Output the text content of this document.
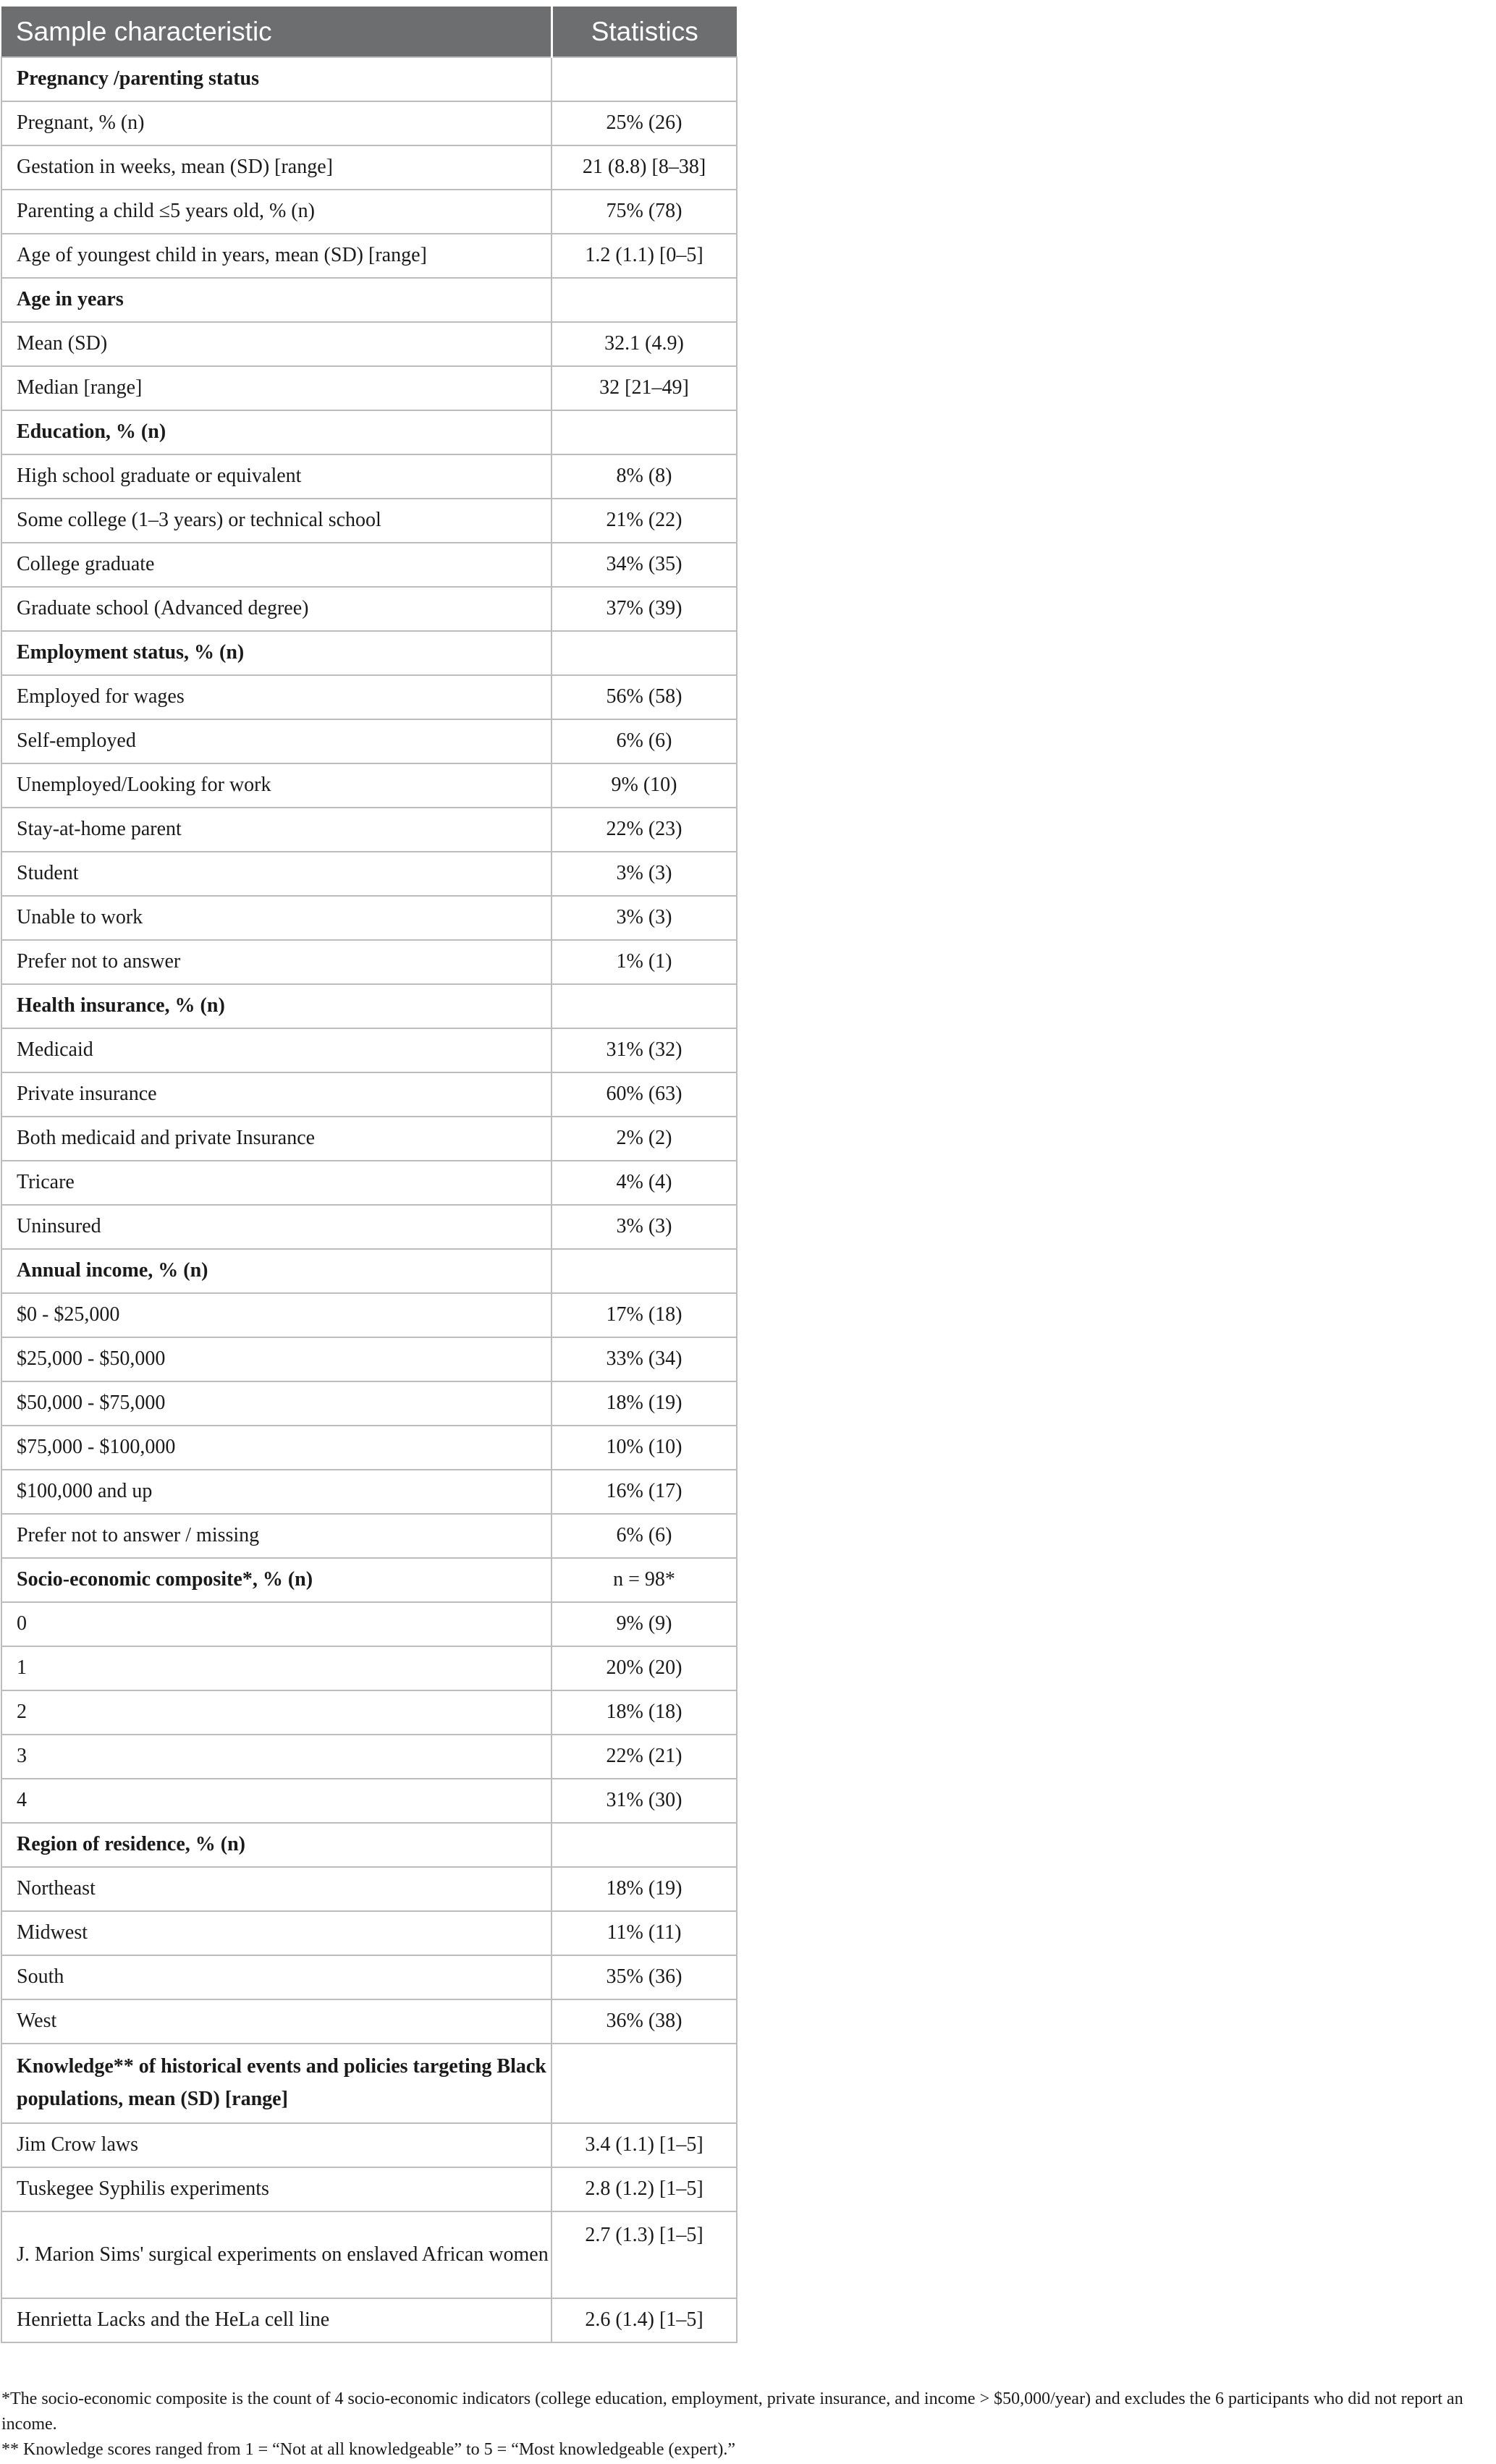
Sample characteristic	Statistics
Pregnancy /parenting status	
Pregnant, % (n)	25% (26)
Gestation in weeks, mean (SD) [range]	21 (8.8) [8–38]
Parenting a child ≤5 years old, % (n)	75% (78)
Age of youngest child in years, mean (SD) [range]	1.2 (1.1) [0–5]
Age in years	
Mean (SD)	32.1 (4.9)
Median [range]	32 [21–49]
Education, % (n)	
High school graduate or equivalent	8% (8)
Some college (1–3 years) or technical school	21% (22)
College graduate	34% (35)
Graduate school (Advanced degree)	37% (39)
Employment status, % (n)	
Employed for wages	56% (58)
Self-employed	6% (6)
Unemployed/Looking for work	9% (10)
Stay-at-home parent	22% (23)
Student	3% (3)
Unable to work	3% (3)
Prefer not to answer	1% (1)
Health insurance, % (n)	
Medicaid	31% (32)
Private insurance	60% (63)
Both medicaid and private Insurance	2% (2)
Tricare	4% (4)
Uninsured	3% (3)
Annual income, % (n)	
$0 - $25,000	17% (18)
$25,000 - $50,000	33% (34)
$50,000 - $75,000	18% (19)
$75,000 - $100,000	10% (10)
$100,000 and up	16% (17)
Prefer not to answer / missing	6% (6)
Socio-economic composite*, % (n)	n = 98*
0	9% (9)
1	20% (20)
2	18% (18)
3	22% (21)
4	31% (30)
Region of residence, % (n)	
Northeast	18% (19)
Midwest	11% (11)
South	35% (36)
West	36% (38)
Knowledge** of historical events and policies targeting Black populations, mean (SD) [range]	
Jim Crow laws	3.4 (1.1) [1–5]
Tuskegee Syphilis experiments	2.8 (1.2) [1–5]
J. Marion Sims' surgical experiments on enslaved African women	2.7 (1.3) [1–5]
Henrietta Lacks and the HeLa cell line	2.6 (1.4) [1–5]

*The socio-economic composite is the count of 4 socio-economic indicators (college education, employment, private insurance, and income > $50,000/year) and excludes the 6 participants who did not report an income.

** Knowledge scores ranged from 1 = “Not at all knowledgeable” to 5 = “Most knowledgeable (expert).”
